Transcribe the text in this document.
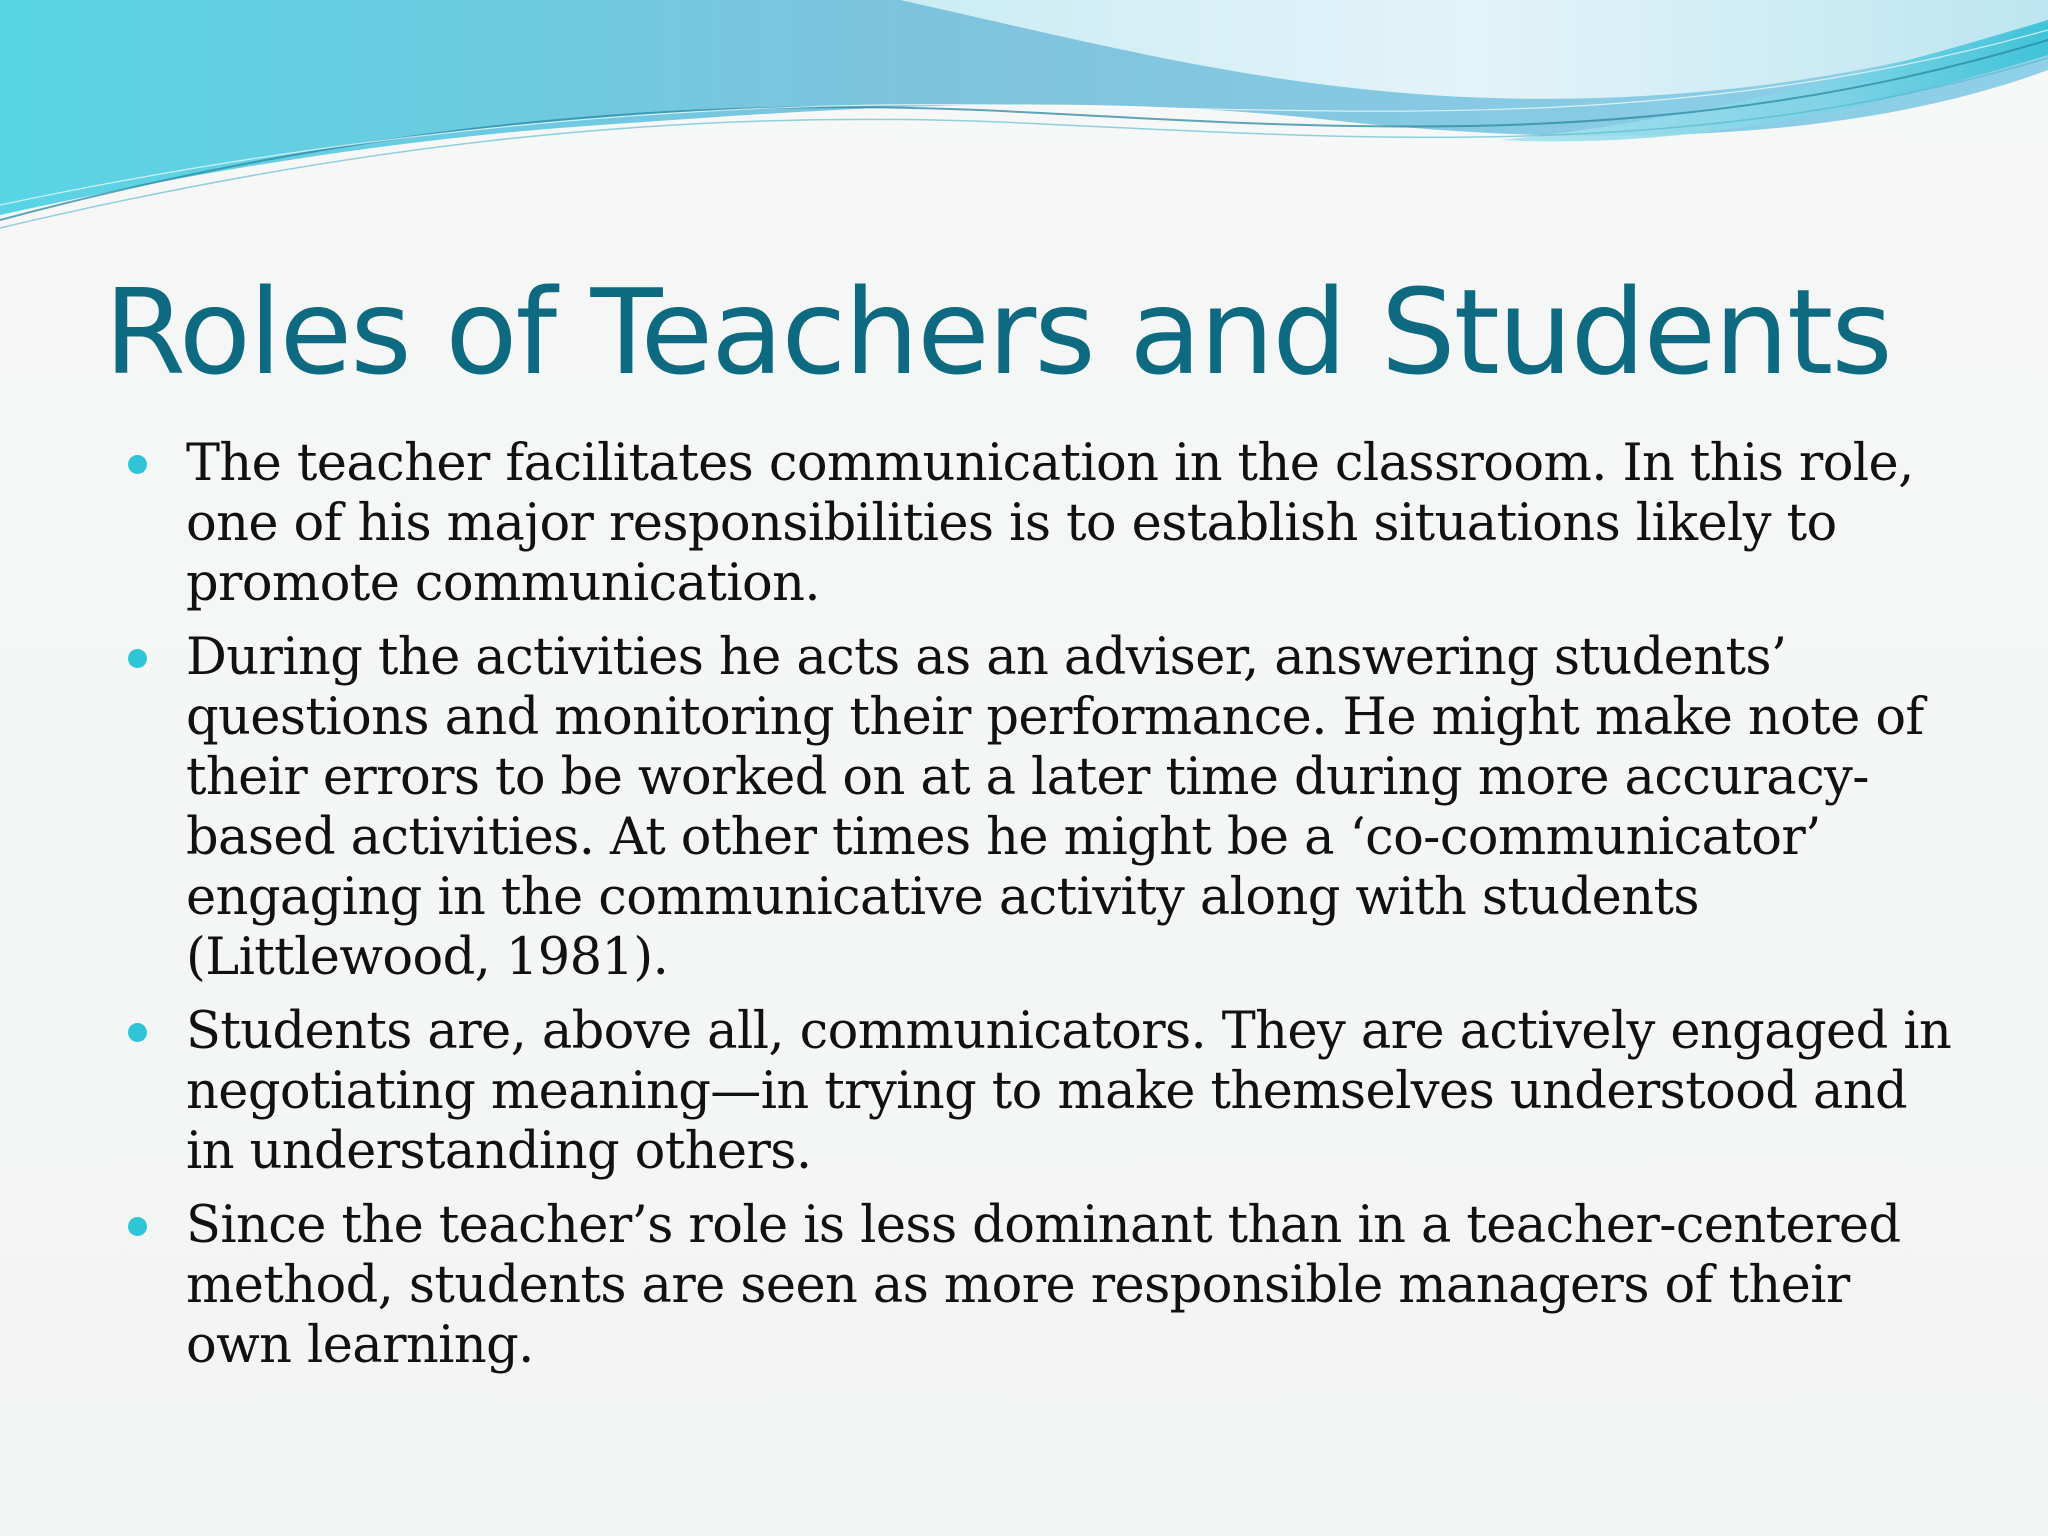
Roles of Teachers and Students
The teacher facilitates communication in the classroom. In this role, one of his major responsibilities is to establish situations likely to promote communication.
During the activities he acts as an adviser, answering students’ questions and monitoring their performance. He might make note of their errors to be worked on at a later time during more accuracy-based activities. At other times he might be a ‘co-communicator’ engaging in the communicative activity along with students (Littlewood, 1981).
Students are, above all, communicators. They are actively engaged in negotiating meaning—in trying to make themselves understood and in understanding others.
Since the teacher’s role is less dominant than in a teacher-centered method, students are seen as more responsible managers of their own learning.
